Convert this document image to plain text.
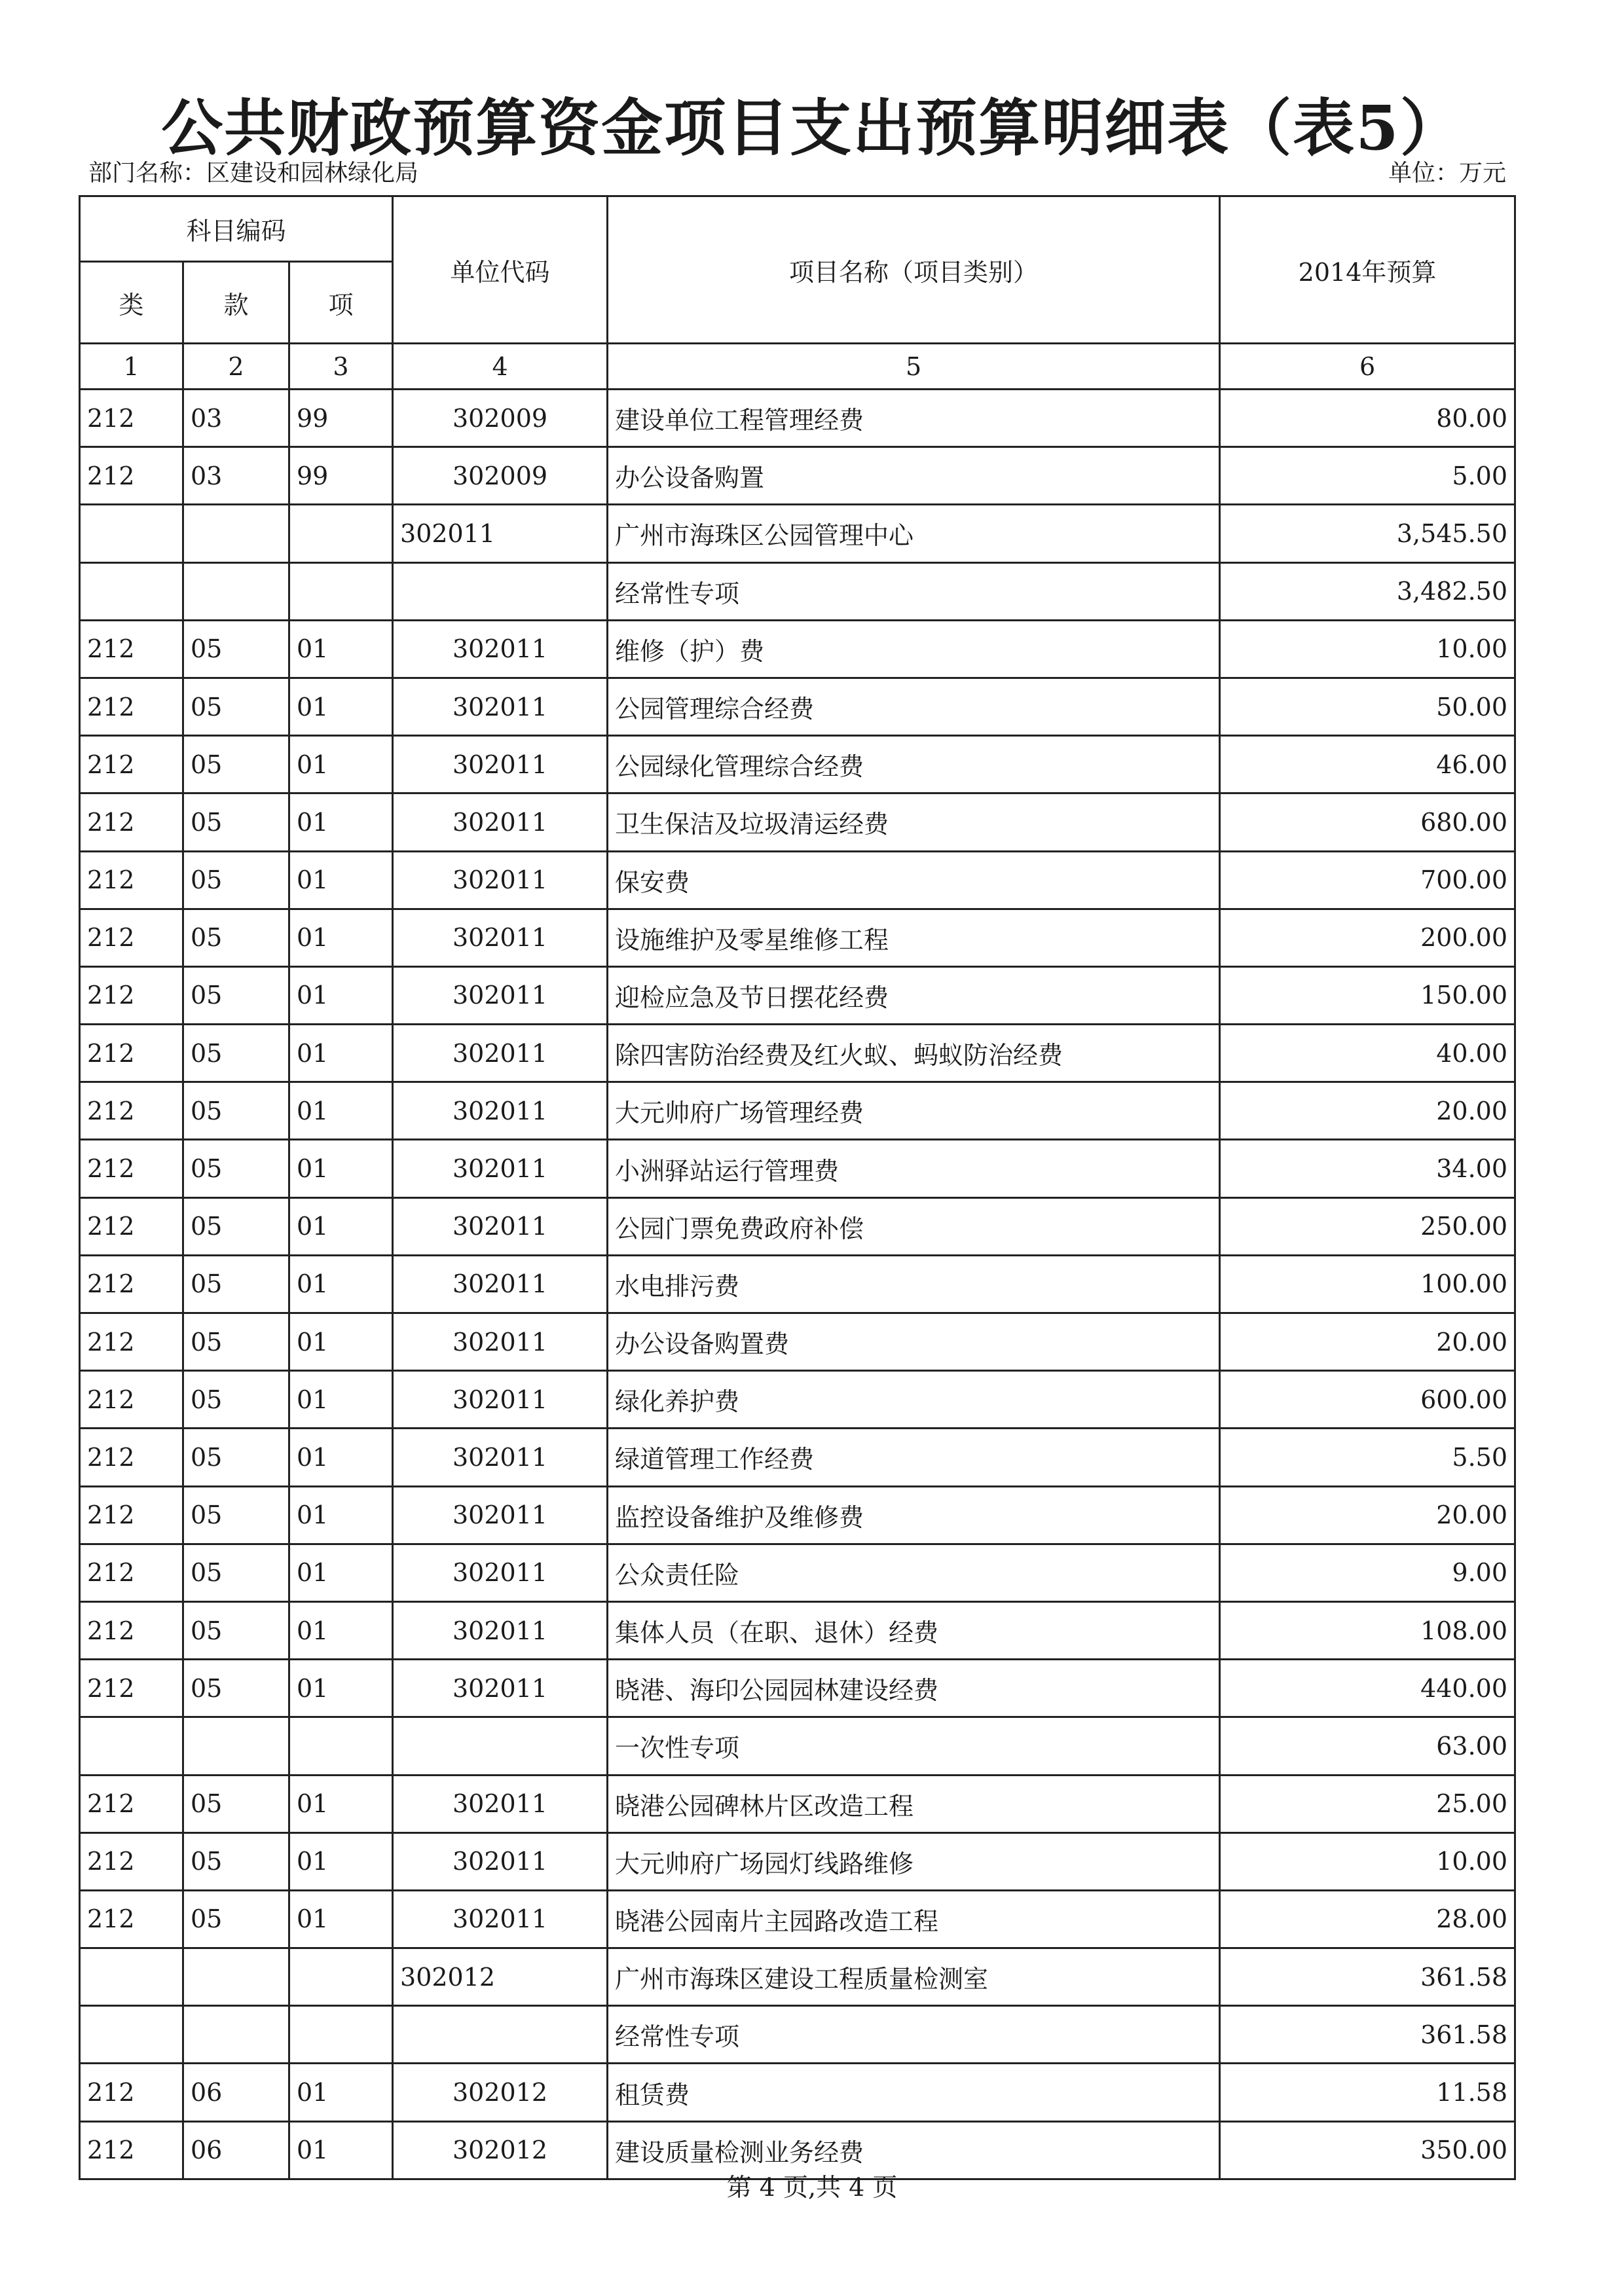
公共财政预算资金项目支出预算明细表（表5）
部门名称：区建设和园林绿化局	单位：万元
科目编码			单位代码	项目名称（项目类别）	2014年预算
类	款	项			
1	2	3	4	5	6
212	03	99	302009	建设单位工程管理经费	80.00
212	03	99	302009	办公设备购置	5.00
			302011	广州市海珠区公园管理中心	3,545.50
				经常性专项	3,482.50
212	05	01	302011	维修（护）费	10.00
212	05	01	302011	公园管理综合经费	50.00
212	05	01	302011	公园绿化管理综合经费	46.00
212	05	01	302011	卫生保洁及垃圾清运经费	680.00
212	05	01	302011	保安费	700.00
212	05	01	302011	设施维护及零星维修工程	200.00
212	05	01	302011	迎检应急及节日摆花经费	150.00
212	05	01	302011	除四害防治经费及红火蚁、蚂蚁防治经费	40.00
212	05	01	302011	大元帅府广场管理经费	20.00
212	05	01	302011	小洲驿站运行管理费	34.00
212	05	01	302011	公园门票免费政府补偿	250.00
212	05	01	302011	水电排污费	100.00
212	05	01	302011	办公设备购置费	20.00
212	05	01	302011	绿化养护费	600.00
212	05	01	302011	绿道管理工作经费	5.50
212	05	01	302011	监控设备维护及维修费	20.00
212	05	01	302011	公众责任险	9.00
212	05	01	302011	集体人员（在职、退休）经费	108.00
212	05	01	302011	晓港、海印公园园林建设经费	440.00
				一次性专项	63.00
212	05	01	302011	晓港公园碑林片区改造工程	25.00
212	05	01	302011	大元帅府广场园灯线路维修	10.00
212	05	01	302011	晓港公园南片主园路改造工程	28.00
			302012	广州市海珠区建设工程质量检测室	361.58
				经常性专项	361.58
212	06	01	302012	租赁费	11.58
212	06	01	302012	建设质量检测业务经费	350.00
第 4 页,共 4 页
